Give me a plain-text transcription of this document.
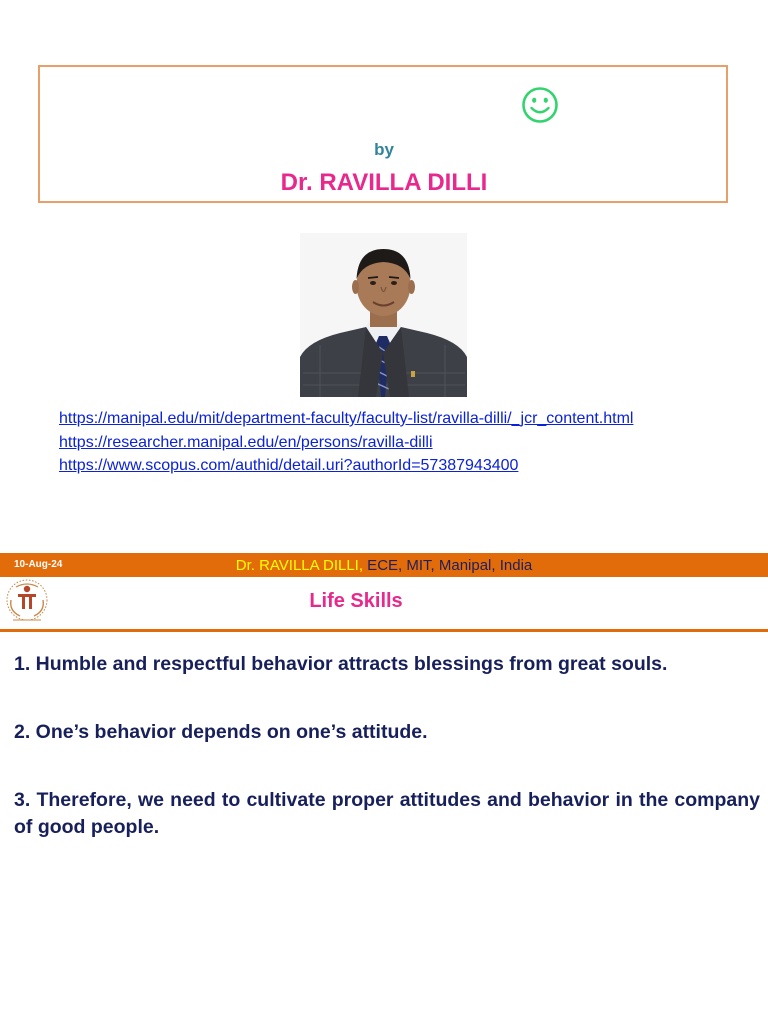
by
Dr. RAVILLA DILLI
https://manipal.edu/mit/department-faculty/faculty-list/ravilla-dilli/_jcr_content.html
https://researcher.manipal.edu/en/persons/ravilla-dilli
https://www.scopus.com/authid/detail.uri?authorId=57387943400
10-Aug-24	Dr. RAVILLA DILLI, ECE, MIT, Manipal, India
Life Skills
1. Humble and respectful behavior attracts blessings from great souls.
2. One’s behavior depends on one’s attitude.
3. Therefore, we need to cultivate proper attitudes and behavior in the company of good people.
